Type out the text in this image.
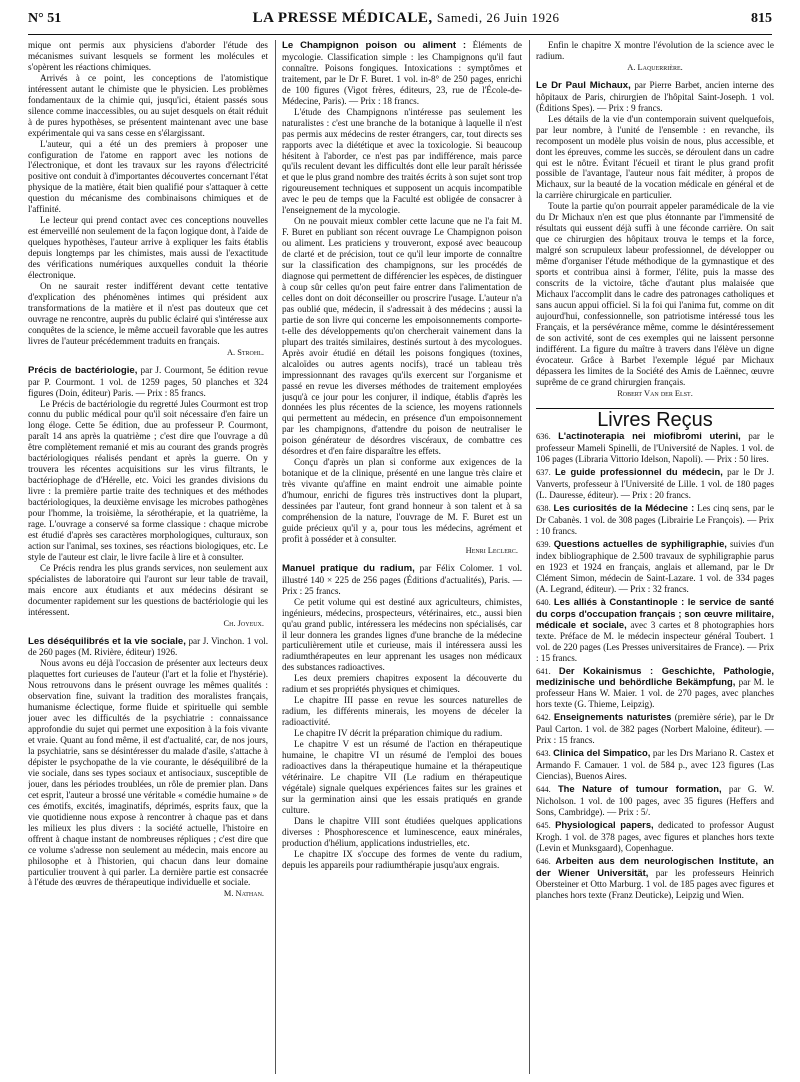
N° 51	LA PRESSE MÉDICALE, Samedi, 26 Juin 1926	815

mique ont permis aux physiciens d'aborder l'étude des mécanismes suivant lesquels se forment les molécules et s'opèrent les réactions chimiques.

Arrivés à ce point, les conceptions de l'atomistique intéressent autant le chimiste que le physicien. Les problèmes fondamentaux de la chimie qui, jusqu'ici, étaient passés sous silence comme inaccessibles, ou au sujet desquels on était réduit à de pures hypothèses, se présentent maintenant avec une base expérimentale qui va sans cesse en s'élargissant.

L'auteur, qui a été un des premiers à proposer une configuration de l'atome en rapport avec les notions de l'électronique, et dont les travaux sur les rayons d'électricité positive ont conduit à d'importantes découvertes concernant l'état physique de la matière, était bien qualifié pour s'attaquer à cette question du mécanisme des combinaisons chimiques et de l'affinité.

Le lecteur qui prend contact avec ces conceptions nouvelles est émerveillé non seulement de la façon logique dont, à l'aide de quelques hypothèses, l'auteur arrive à expliquer les faits établis depuis longtemps par les chimistes, mais aussi de l'exactitude des vérifications numériques auxquelles conduit la théorie électronique.

On ne saurait rester indifférent devant cette tentative d'explication des phénomènes intimes qui président aux transformations de la matière et il n'est pas douteux que cet ouvrage ne rencontre, auprès du public éclairé qui s'intéresse aux conquêtes de la science, le même accueil favorable que les autres livres de l'auteur précédemment traduits en français.

A. Strohl.

Précis de bactériologie, par J. Courmont, 5e édition revue par P. Courmont. 1 vol. de 1259 pages, 50 planches et 324 figures (Doin, éditeur) Paris. — Prix : 85 francs.

Le Précis de bactériologie du regretté Jules Courmont est trop connu du public médical pour qu'il soit nécessaire d'en faire un long éloge. Cette 5e édition, due au professeur P. Courmont, paraît 14 ans après la quatrième ; c'est dire que l'ouvrage a dû être complètement remanié et mis au courant des grands progrès bactériologiques réalisés pendant et après la guerre. On y trouvera les récentes acquisitions sur les virus filtrants, le bactériophage de d'Hérelle, etc. Voici les grandes divisions du livre : la première partie traite des techniques et des méthodes bactériologiques, la deuxième envisage les microbes pathogènes pour l'homme, la troisième, la sérothérapie, et la quatrième, la rage. L'ouvrage a conservé sa forme classique : chaque microbe est étudié d'après ses caractères morphologiques, culturaux, son action sur l'animal, ses toxines, ses réactions biologiques, etc. Le style de l'auteur est clair, le livre facile à lire et à consulter.

Ce Précis rendra les plus grands services, non seulement aux spécialistes de laboratoire qui l'auront sur leur table de travail, mais encore aux étudiants et aux médecins désirant se documenter rapidement sur les questions de bactériologie qui les intéressent.

Ch. Joyeux.

Les déséquilibrés et la vie sociale, par J. Vinchon. 1 vol. de 260 pages (M. Rivière, éditeur) 1926.

Nous avons eu déjà l'occasion de présenter aux lecteurs deux plaquettes fort curieuses de l'auteur (l'art et la folie et l'hystérie). Nous retrouvons dans le présent ouvrage les mêmes qualités : observation fine, suivant la tradition des moralistes français, humanisme éclectique, forme fluide et spirituelle qui semble jouer avec les difficultés de la psychiatrie : connaissance approfondie du sujet qui permet une exposition à la fois vivante et vraie. Quant au fond même, il est d'actualité, car, de nos jours, la psychiatrie, sans se désintéresser du malade d'asile, s'attache à dépister le psychopathe de la vie courante, le déséquilibré de la vie sociale, dans ses types sociaux et antisociaux, susceptible de jouer, dans les périodes troublées, un rôle de premier plan. Dans cet esprit, l'auteur a brossé une véritable « comédie humaine » de ces émotifs, excités, imaginatifs, déprimés, esprits faux, que la vie quotidienne nous expose à rencontrer à chaque pas et dans les milieux les plus divers : la société actuelle, l'histoire en offrent à chaque instant de nombreuses répliques ; c'est dire que ce volume s'adresse non seulement au médecin, mais encore au philosophe et à l'historien, qui chacun dans leur domaine particulier trouvent à qui parler. La dernière partie est consacrée à l'étude des œuvres de thérapeutique individuelle et sociale.

M. Nathan.

Le Champignon poison ou aliment : Éléments de mycologie. Classification simple : les Champignons qu'il faut connaître. Poisons fongiques. Intoxications : symptômes et traitement, par le Dr F. Buret. 1 vol. in-8° de 250 pages, enrichi de 100 figures (Vigot frères, éditeurs, 23, rue de l'École-de-Médecine, Paris). — Prix : 18 francs.

L'étude des Champignons n'intéresse pas seulement les naturalistes : c'est une branche de la botanique à laquelle il n'est pas permis aux médecins de rester étrangers, car, tout directs ses rapports avec la diététique et avec la toxicologie. Si beaucoup hésitent à l'aborder, ce n'est pas par indifférence, mais parce qu'ils reculent devant les difficultés dont elle leur paraît hérissée et que le plus grand nombre des traités écrits à son sujet sont trop rigoureusement techniques et supposent un acquis incompatible avec le peu de temps que la Faculté est obligée de consacrer à l'enseignement de la mycologie.

On ne pouvait mieux combler cette lacune que ne l'a fait M. F. Buret en publiant son récent ouvrage Le Champignon poison ou aliment. Les praticiens y trouveront, exposé avec beaucoup de clarté et de précision, tout ce qu'il leur importe de connaître sur la classification des champignons, sur les procédés de diagnose qui permettent de différencier les espèces, de distinguer à coup sûr celles qu'on peut faire entrer dans l'alimentation de celles dont on doit déconseiller ou proscrire l'usage. L'auteur n'a pas oublié que, médecin, il s'adressait à des médecins ; aussi la partie de son livre qui concerne les empoisonnements comporte-t-elle des développements qu'on chercherait vainement dans la plupart des traités similaires, destinés surtout à des mycologues. Après avoir étudié en détail les poisons fongiques (toxines, alcaloïdes ou autres agents nocifs), tracé un tableau très impressionnant des ravages qu'ils exercent sur l'organisme et passé en revue les diverses méthodes de traitement employées jusqu'à ce jour pour les conjurer, il indique, établis d'après les données les plus récentes de la science, les moyens rationnels qui permettent au médecin, en présence d'un empoisonnement par les champignons, d'attendre du poison de neutraliser le poison générateur de désordres viscéraux, de combattre ces désordres et d'en faire disparaître les effets.

Conçu d'après un plan si conforme aux exigences de la botanique et de la clinique, présenté en une langue très claire et très vivante qu'affine en maint endroit une aimable pointe d'humour, enrichi de figures très instructives dont la plupart, dessinées par l'auteur, font grand honneur à son talent et à sa compréhension de la nature, l'ouvrage de M. F. Buret est un guide précieux qu'il y a, pour tous les médecins, agrément et profit à posséder et à consulter.

Henri Leclerc.

Manuel pratique du radium, par Félix Colomer. 1 vol. illustré 140 × 225 de 256 pages (Éditions d'actualités), Paris. — Prix : 25 francs.

Ce petit volume qui est destiné aux agriculteurs, chimistes, ingénieurs, médecins, prospecteurs, vétérinaires, etc., aussi bien qu'au grand public, intéressera les médecins non spécialisés, car il leur donnera les grandes lignes d'une branche de la médecine particulièrement utile et curieuse, mais il intéressera aussi les radiumthérapeutes en leur apprenant les usages non médicaux des substances radioactives.

Les deux premiers chapitres exposent la découverte du radium et ses propriétés physiques et chimiques.

Le chapitre III passe en revue les sources naturelles de radium, les différents minerais, les moyens de déceler la radioactivité.

Le chapitre IV décrit la préparation chimique du radium.

Le chapitre V est un résumé de l'action en thérapeutique humaine, le chapitre VI un résumé de l'emploi des boues radioactives dans la thérapeutique humaine et la thérapeutique vétérinaire. Le chapitre VII (Le radium en thérapeutique végétale) signale quelques expériences faites sur les graines et sur la germination ainsi que les essais pratiqués en grande culture.

Dans le chapitre VIII sont étudiées quelques applications diverses : Phosphorescence et luminescence, eaux minérales, production d'hélium, applications industrielles, etc.

Le chapitre IX s'occupe des formes de vente du radium, depuis les appareils pour radiumthérapie jusqu'aux engrais.

Enfin le chapitre X montre l'évolution de la science avec le radium.

A. Laquerrière.

Le Dr Paul Michaux, par Pierre Barbet, ancien interne des hôpitaux de Paris, chirurgien de l'hôpital Saint-Joseph. 1 vol. (Éditions Spes). — Prix : 9 francs.

Les détails de la vie d'un contemporain suivent quelquefois, par leur nombre, à l'unité de l'ensemble : en revanche, ils recomposent un modèle plus voisin de nous, plus accessible, et dont les épreuves, comme les succès, se déroulent dans un cadre qui est le nôtre. Évitant l'écueil et tirant le plus grand profit possible de l'avantage, l'auteur nous fait méditer, à propos de Michaux, sur la beauté de la vocation médicale en général et de la carrière chirurgicale en particulier.

Toute la partie qu'on pourrait appeler paramédicale de la vie du Dr Michaux n'en est que plus étonnante par l'immensité de résultats qui eussent déjà suffi à une féconde carrière. On sait que ce chirurgien des hôpitaux trouva le temps et la force, malgré son scrupuleux labeur professionnel, de développer ou même d'organiser l'étude méthodique de la gymnastique et des sports et contribua ainsi à former, l'élite, puis la masse des conscrits de la victoire, tâche d'autant plus malaisée que Michaux l'accomplit dans le cadre des patronages catholiques et sans aucun appui officiel. Si la foi qui l'anima fut, comme on dit aujourd'hui, confessionnelle, son patriotisme intéressé tous les Français, et la persévérance même, comme le désintéressement de son activité, sont de ces exemples qui ne laissent personne indifférent. La figure du maître à travers dans l'élève un digne évocateur. Grâce à Barbet l'exemple légué par Michaux dépassera les limites de la Société des Amis de Laënnec, œuvre suprême de ce grand chirurgien français.

Robert Van der Elst.
Livres Reçus

636. L'actinoterapia nei miofibromi uterini, par le professeur Mameli Spinelli, de l'Université de Naples. 1 vol. de 106 pages (Libraria Vittorio Idelson, Napoli). — Prix : 50 lires.

637. Le guide professionnel du médecin, par le Dr J. Vanverts, professeur à l'Université de Lille. 1 vol. de 180 pages (L. Dauresse, éditeur). — Prix : 20 francs.

638. Les curiosités de la Médecine : Les cinq sens, par le Dr Cabanès. 1 vol. de 308 pages (Librairie Le François). — Prix : 10 francs.

639. Questions actuelles de syphiligraphie, suivies d'un index bibliographique de 2.500 travaux de syphiligraphie parus en 1923 et 1924 en français, anglais et allemand, par le Dr Clément Simon, médecin de Saint-Lazare. 1 vol. de 334 pages (A. Legrand, éditeur). — Prix : 32 francs.

640. Les alliés à Constantinople : le service de santé du corps d'occupation français ; son œuvre militaire, médicale et sociale, avec 3 cartes et 8 photographies hors texte. Préface de M. le médecin inspecteur général Toubert. 1 vol. de 220 pages (Les Presses universitaires de France). — Prix : 15 francs.

641. Der Kokainismus : Geschichte, Pathologie, medizinische und behördliche Bekämpfung, par M. le professeur Hans W. Maier. 1 vol. de 270 pages, avec planches hors texte (G. Thieme, Leipzig).

642. Enseignements naturistes (première série), par le Dr Paul Carton. 1 vol. de 382 pages (Norbert Maloine, éditeur). — Prix : 15 francs.

643. Clinica del Simpatico, par les Drs Mariano R. Castex et Armando F. Camauer. 1 vol. de 584 p., avec 123 figures (Las Ciencias), Buenos Aires.

644. The Nature of tumour formation, par G. W. Nicholson. 1 vol. de 100 pages, avec 35 figures (Heffers and Sons, Cambridge). — Prix : 5/.

645. Physiological papers, dedicated to professor August Krogh. 1 vol. de 378 pages, avec figures et planches hors texte (Levin et Munksgaard), Copenhague.

646. Arbeiten aus dem neurologischen Institute, an der Wiener Universität, par les professeurs Heinrich Obersteiner et Otto Marburg. 1 vol. de 185 pages avec figures et planches hors texte (Franz Deuticke), Leipzig und Wien.
